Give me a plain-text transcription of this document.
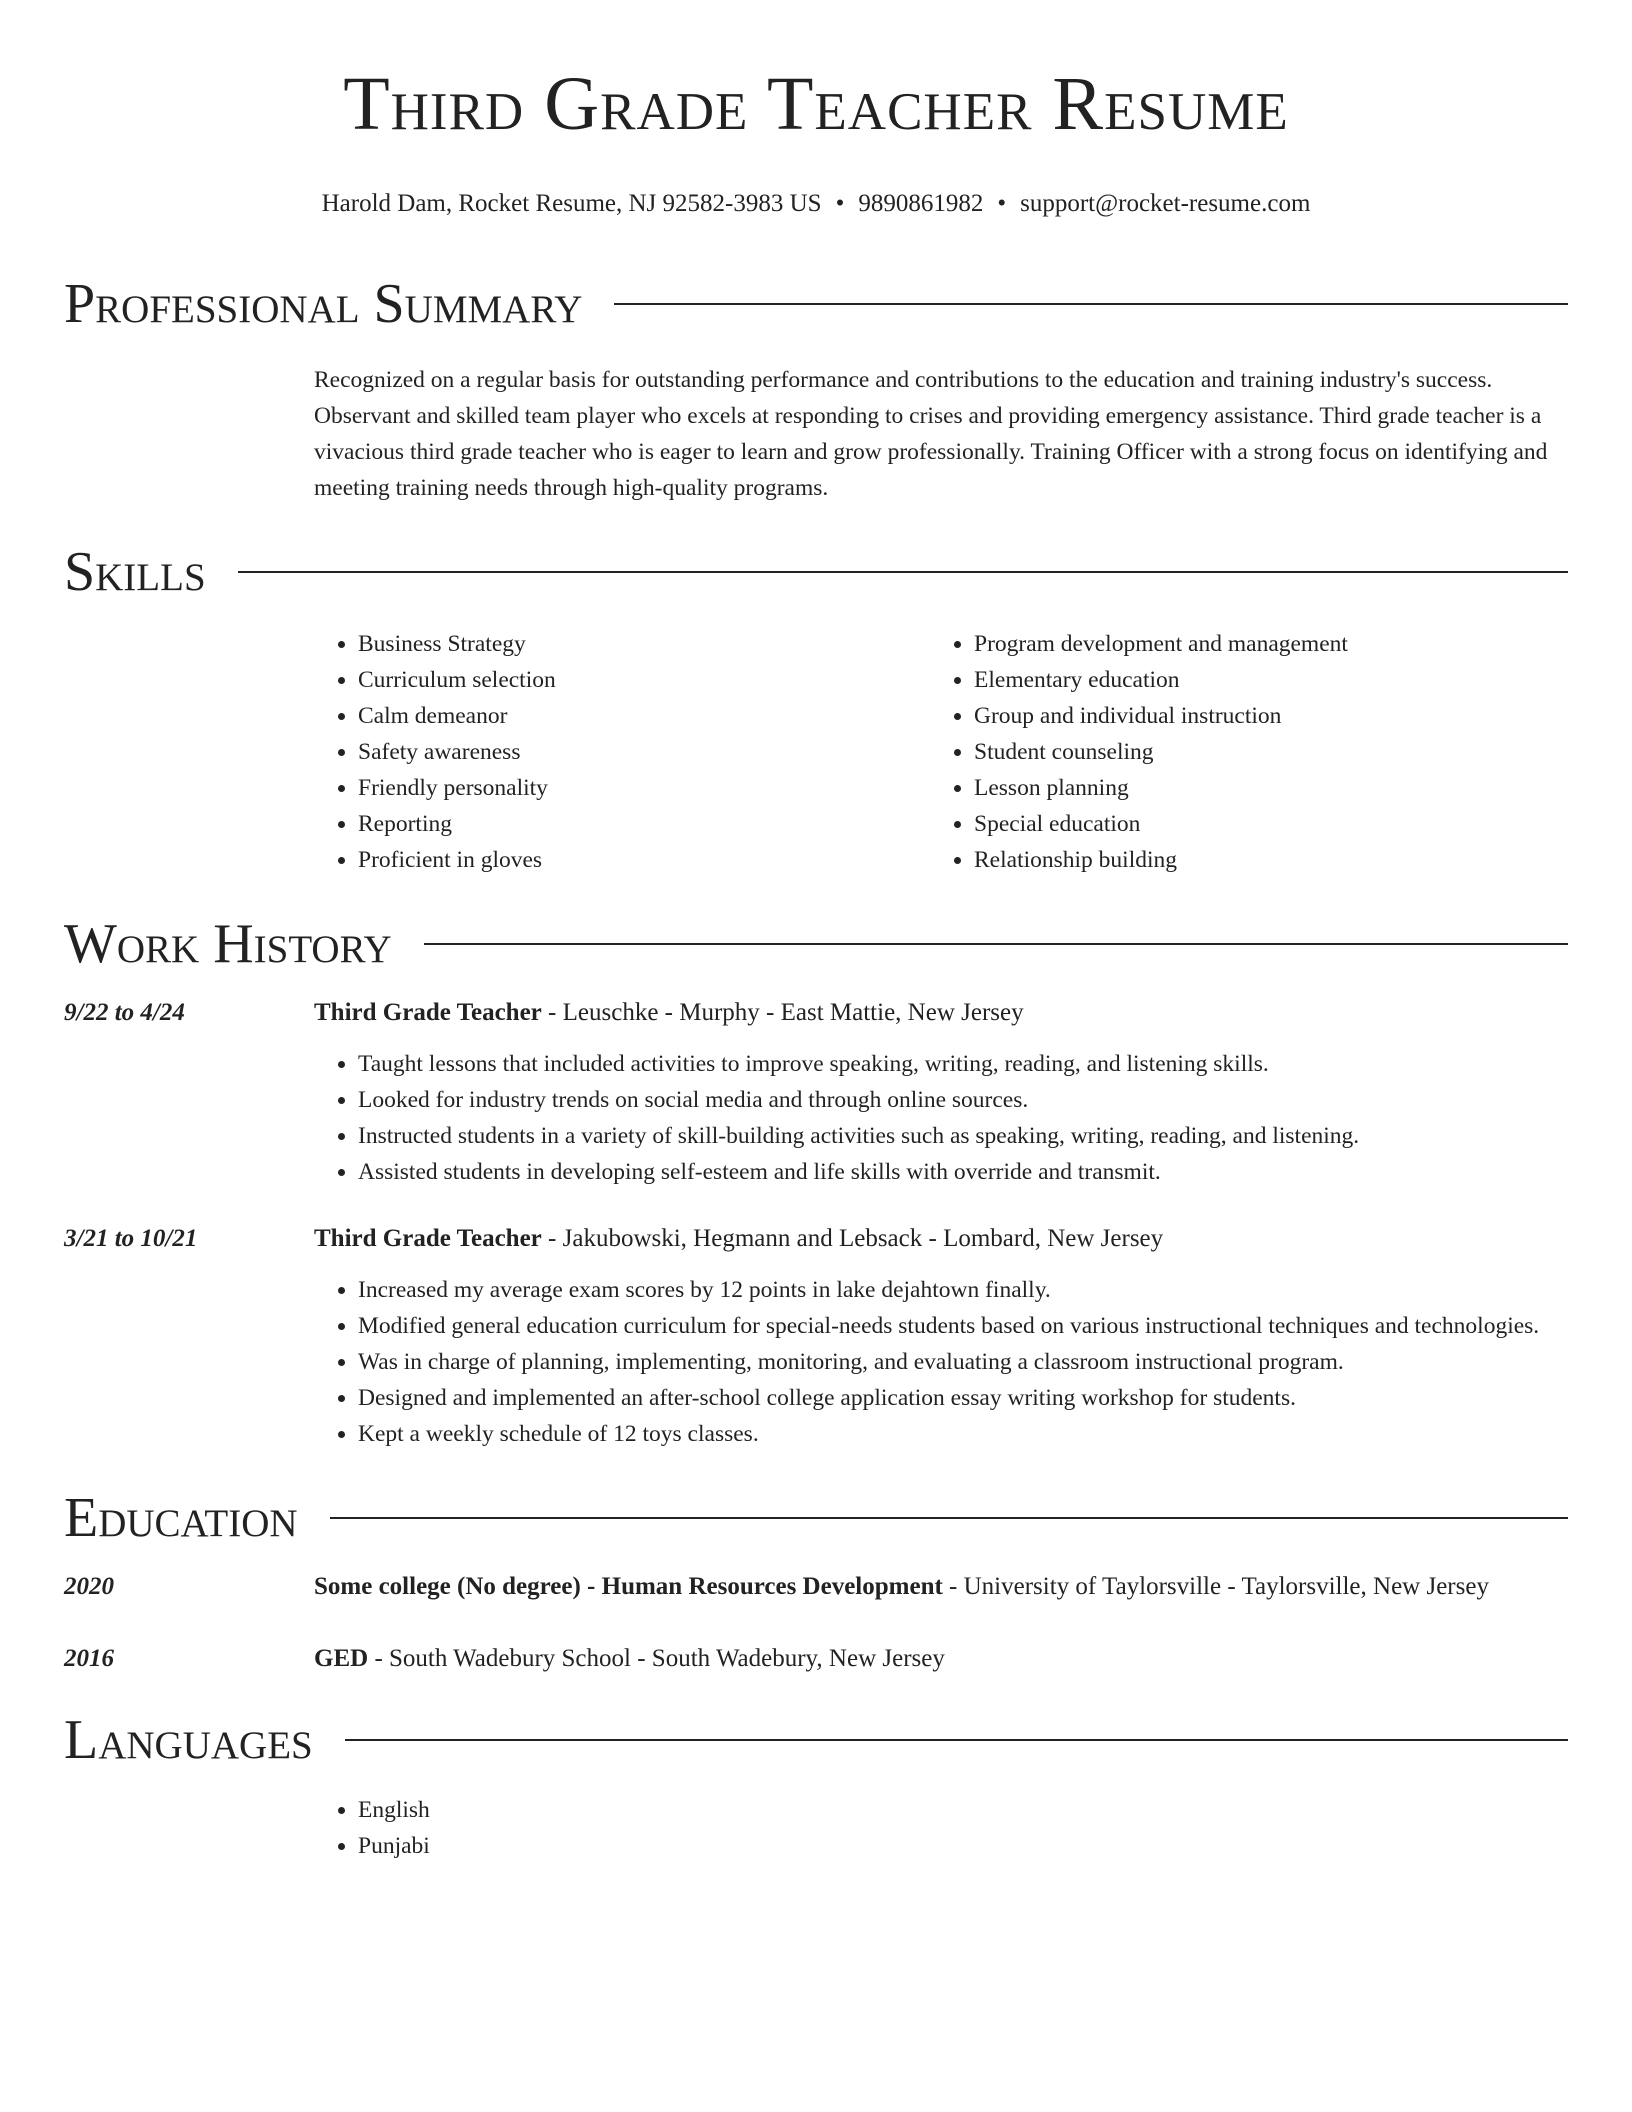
Third Grade Teacher Resume
Harold Dam, Rocket Resume, NJ 92582-3983 US • 9890861982 • support@rocket-resume.com
Professional Summary

Recognized on a regular basis for outstanding performance and contributions to the education and training industry's success. Observant and skilled team player who excels at responding to crises and providing emergency assistance. Third grade teacher is a vivacious third grade teacher who is eager to learn and grow professionally. Training Officer with a strong focus on identifying and meeting training needs through high-quality programs.

Skills
• Business Strategy
• Curriculum selection
• Calm demeanor
• Safety awareness
• Friendly personality
• Reporting
• Proficient in gloves
• Program development and management
• Elementary education
• Group and individual instruction
• Student counseling
• Lesson planning
• Special education
• Relationship building
Work History
9/22 to 4/24	Third Grade Teacher - Leuschke - Murphy - East Mattie, New Jersey
• Taught lessons that included activities to improve speaking, writing, reading, and listening skills.
• Looked for industry trends on social media and through online sources.
• Instructed students in a variety of skill-building activities such as speaking, writing, reading, and listening.
• Assisted students in developing self-esteem and life skills with override and transmit.
3/21 to 10/21	Third Grade Teacher - Jakubowski, Hegmann and Lebsack - Lombard, New Jersey
• Increased my average exam scores by 12 points in lake dejahtown finally.
• Modified general education curriculum for special-needs students based on various instructional techniques and technologies.
• Was in charge of planning, implementing, monitoring, and evaluating a classroom instructional program.
• Designed and implemented an after-school college application essay writing workshop for students.
• Kept a weekly schedule of 12 toys classes.
Education
2020	Some college (No degree) - Human Resources Development - University of Taylorsville - Taylorsville, New Jersey
2016	GED - South Wadebury School - South Wadebury, New Jersey
Languages
• English
• Punjabi
